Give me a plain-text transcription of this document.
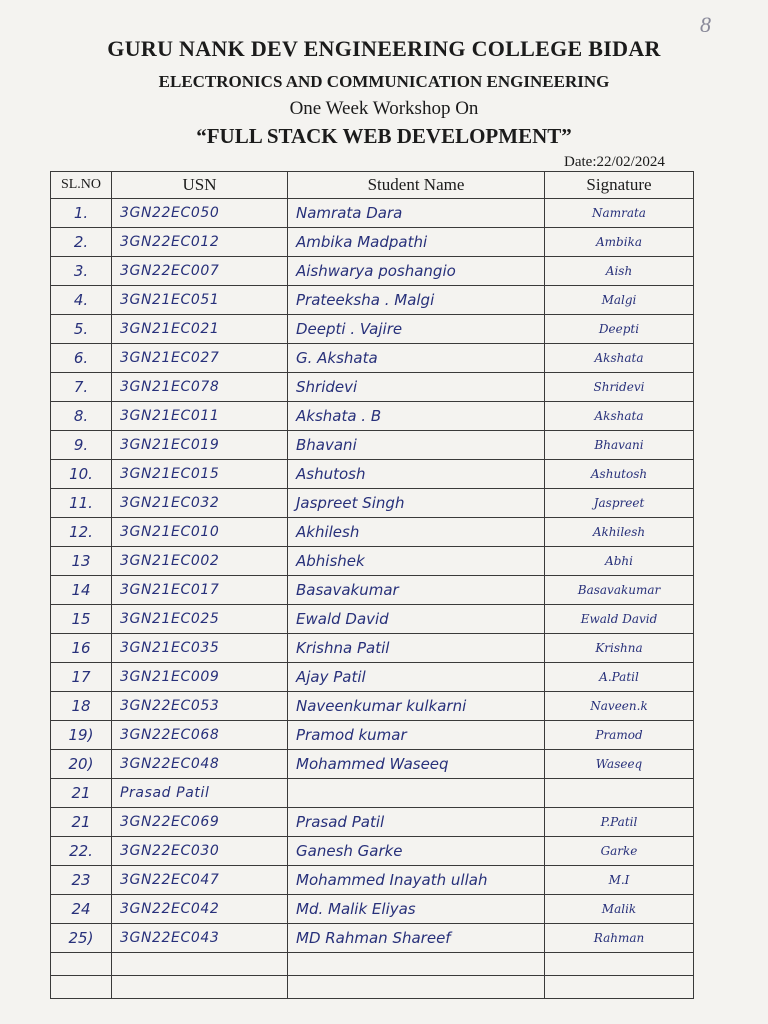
8
GURU NANK DEV ENGINEERING COLLEGE BIDAR
ELECTRONICS AND COMMUNICATION ENGINEERING
One Week Workshop On
“FULL STACK WEB DEVELOPMENT”
Date:22/02/2024
SL.NO	USN	Student Name	Signature
1.	3GN22EC050	Namrata Dara	Namrata
2.	3GN22EC012	Ambika Madpathi	Ambika
3.	3GN22EC007	Aishwarya poshangio	Aish
4.	3GN21EC051	Prateeksha . Malgi	Malgi
5.	3GN21EC021	Deepti . Vajire	Deepti
6.	3GN21EC027	G. Akshata	Akshata
7.	3GN21EC078	Shridevi	Shridevi
8.	3GN21EC011	Akshata . B	Akshata
9.	3GN21EC019	Bhavani	Bhavani
10.	3GN21EC015	Ashutosh	Ashutosh
11.	3GN21EC032	Jaspreet Singh	Jaspreet
12.	3GN21EC010	Akhilesh	Akhilesh
13	3GN21EC002	Abhishek	Abhi
14	3GN21EC017	Basavakumar	Basavakumar
15	3GN21EC025	Ewald David	Ewald David
16	3GN21EC035	Krishna Patil	Krishna
17	3GN21EC009	Ajay Patil	A.Patil
18	3GN22EC053	Naveenkumar kulkarni	Naveen.k
19)	3GN22EC068	Pramod kumar	Pramod
20)	3GN22EC048	Mohammed Waseeq	Waseeq
21	Prasad Patil		
21	3GN22EC069	Prasad Patil	P.Patil
22.	3GN22EC030	Ganesh Garke	Garke
23	3GN22EC047	Mohammed Inayath ullah	M.I
24	3GN22EC042	Md. Malik Eliyas	Malik
25)	3GN22EC043	MD Rahman Shareef	Rahman
